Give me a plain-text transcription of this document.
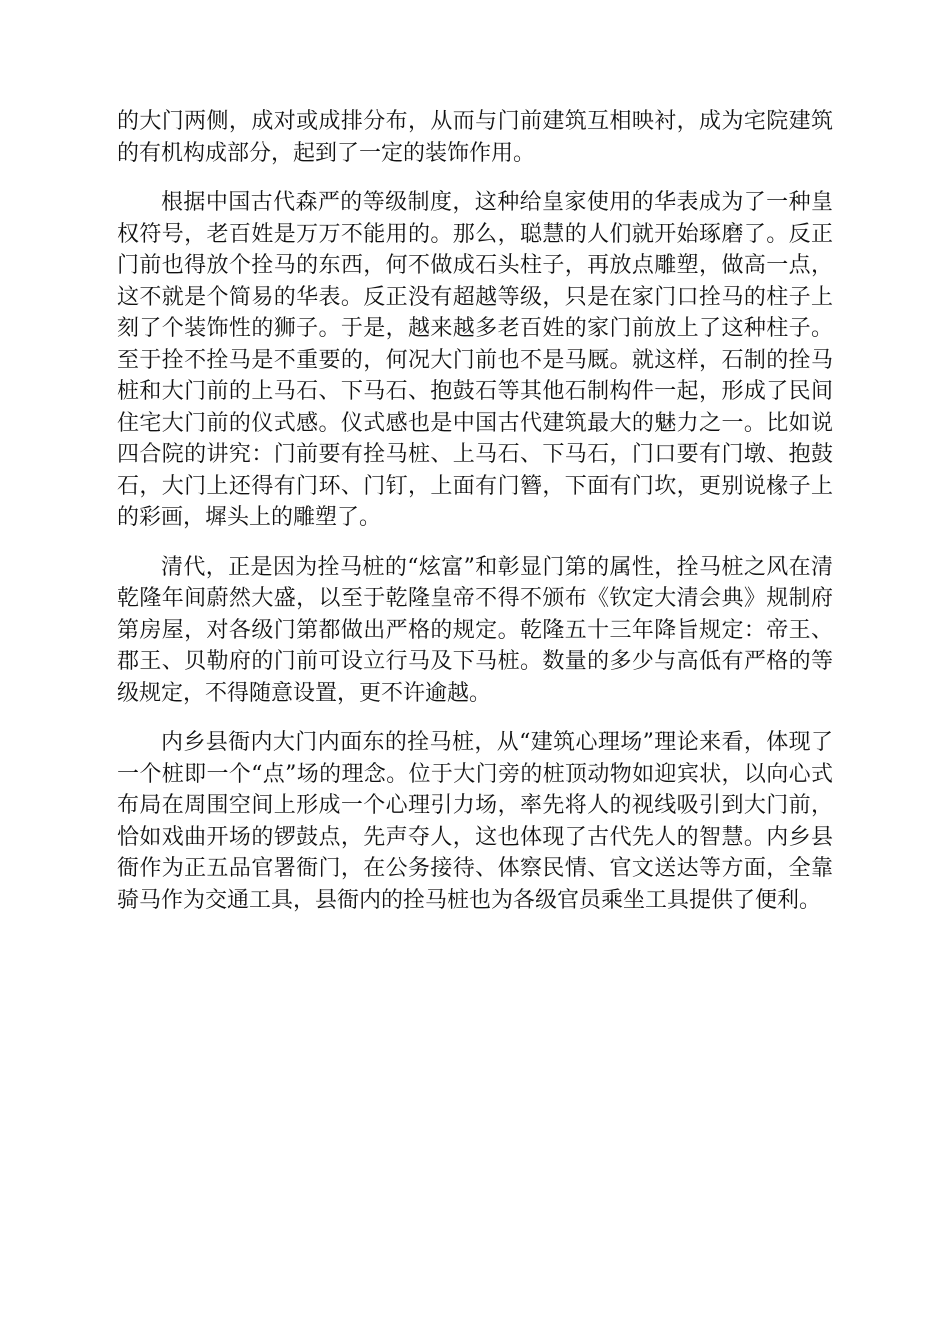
的大门两侧，成对或成排分布，从而与门前建筑互相映衬，成为宅院建筑的有机构成部分，起到了一定的装饰作用。

根据中国古代森严的等级制度，这种给皇家使用的华表成为了一种皇权符号，老百姓是万万不能用的。那么，聪慧的人们就开始琢磨了。反正门前也得放个拴马的东西，何不做成石头柱子，再放点雕塑，做高一点，这不就是个简易的华表。反正没有超越等级，只是在家门口拴马的柱子上刻了个装饰性的狮子。于是，越来越多老百姓的家门前放上了这种柱子。至于拴不拴马是不重要的，何况大门前也不是马厩。就这样，石制的拴马桩和大门前的上马石、下马石、抱鼓石等其他石制构件一起，形成了民间住宅大门前的仪式感。仪式感也是中国古代建筑最大的魅力之一。比如说四合院的讲究：门前要有拴马桩、上马石、下马石，门口要有门墩、抱鼓石，大门上还得有门环、门钉，上面有门簪，下面有门坎，更别说椽子上的彩画，墀头上的雕塑了。

清代，正是因为拴马桩的“炫富”和彰显门第的属性，拴马桩之风在清乾隆年间蔚然大盛，以至于乾隆皇帝不得不颁布《钦定大清会典》规制府第房屋，对各级门第都做出严格的规定。乾隆五十三年降旨规定：帝王、郡王、贝勒府的门前可设立行马及下马桩。数量的多少与高低有严格的等级规定，不得随意设置，更不许逾越。

内乡县衙内大门内面东的拴马桩，从“建筑心理场”理论来看，体现了一个桩即一个“点”场的理念。位于大门旁的桩顶动物如迎宾状，以向心式布局在周围空间上形成一个心理引力场，率先将人的视线吸引到大门前，恰如戏曲开场的锣鼓点，先声夺人，这也体现了古代先人的智慧。内乡县衙作为正五品官署衙门，在公务接待、体察民情、官文送达等方面，全靠骑马作为交通工具，县衙内的拴马桩也为各级官员乘坐工具提供了便利。
